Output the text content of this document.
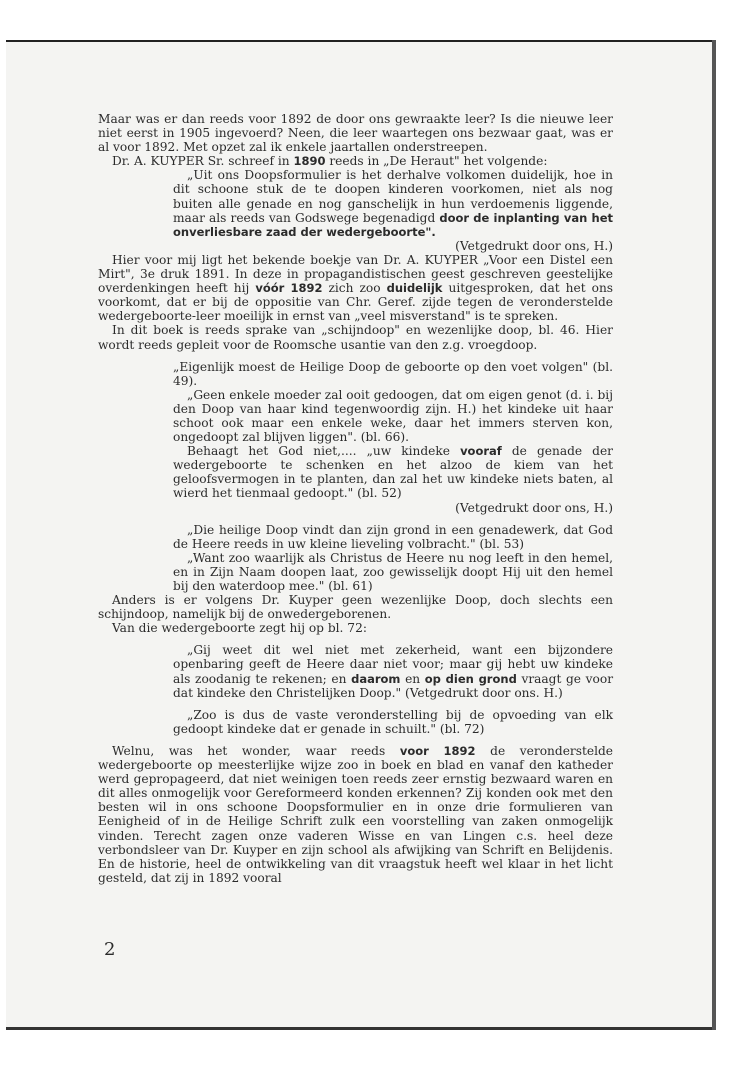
Maar was er dan reeds voor 1892 de door ons gewraakte leer? Is die nieuwe leer niet eerst in 1905 ingevoerd? Neen, die leer waartegen ons bezwaar gaat, was er al voor 1892. Met opzet zal ik enkele jaartallen onderstreepen.

Dr. A. KUYPER Sr. schreef in 1890 reeds in „De Heraut" het volgende:

„Uit ons Doopsformulier is het derhalve volkomen duidelijk, hoe in dit schoone stuk de te doopen kinderen voorkomen, niet als nog buiten alle genade en nog ganschelijk in hun verdoemenis liggende, maar als reeds van Godswege begenadigd door de inplanting van het onverliesbare zaad der wedergeboorte".

(Vetgedrukt door ons, H.)

Hier voor mij ligt het bekende boekje van Dr. A. KUYPER „Voor een Distel een Mirt", 3e druk 1891. In deze in propagandistischen geest geschreven geestelijke overdenkingen heeft hij vóór 1892 zich zoo duidelijk uitgesproken, dat het ons voorkomt, dat er bij de oppositie van Chr. Geref. zijde tegen de veronderstelde wedergeboorte-leer moeilijk in ernst van „veel misverstand" is te spreken.

In dit boek is reeds sprake van „schijndoop" en wezenlijke doop, bl. 46. Hier wordt reeds gepleit voor de Roomsche usantie van den z.g. vroegdoop.

„Eigenlijk moest de Heilige Doop de geboorte op den voet volgen" (bl. 49).

„Geen enkele moeder zal ooit gedoogen, dat om eigen genot (d. i. bij den Doop van haar kind tegenwoordig zijn. H.) het kindeke uit haar schoot ook maar een enkele weke, daar het immers sterven kon, ongedoopt zal blijven liggen". (bl. 66).

Behaagt het God niet,.... „uw kindeke vooraf de genade der wedergeboorte te schenken en het alzoo de kiem van het geloofsvermogen in te planten, dan zal het uw kindeke niets baten, al wierd het tienmaal gedoopt." (bl. 52)

(Vetgedrukt door ons, H.)

„Die heilige Doop vindt dan zijn grond in een genadewerk, dat God de Heere reeds in uw kleine lieveling volbracht." (bl. 53)

„Want zoo waarlijk als Christus de Heere nu nog leeft in den hemel, en in Zijn Naam doopen laat, zoo gewisselijk doopt Hij uit den hemel bij den waterdoop mee." (bl. 61)

Anders is er volgens Dr. Kuyper geen wezenlijke Doop, doch slechts een schijndoop, namelijk bij de onwedergeborenen.

Van die wedergeboorte zegt hij op bl. 72:

„Gij weet dit wel niet met zekerheid, want een bijzondere openbaring geeft de Heere daar niet voor; maar gij hebt uw kindeke als zoodanig te rekenen; en daarom en op dien grond vraagt ge voor dat kindeke den Christelijken Doop." (Vetgedrukt door ons. H.)

„Zoo is dus de vaste veronderstelling bij de opvoeding van elk gedoopt kindeke dat er genade in schuilt." (bl. 72)

Welnu, was het wonder, waar reeds voor 1892 de veronderstelde wedergeboorte op meesterlijke wijze zoo in boek en blad en vanaf den katheder werd gepropageerd, dat niet weinigen toen reeds zeer ernstig bezwaard waren en dit alles onmogelijk voor Gereformeerd konden erkennen? Zij konden ook met den besten wil in ons schoone Doopsformulier en in onze drie formulieren van Eenigheid of in de Heilige Schrift zulk een voorstelling van zaken onmogelijk vinden. Terecht zagen onze vaderen Wisse en van Lingen c.s. heel deze verbondsleer van Dr. Kuyper en zijn school als afwijking van Schrift en Belijdenis. En de historie, heel de ontwikkeling van dit vraagstuk heeft wel klaar in het licht gesteld, dat zij in 1892 vooral

2
